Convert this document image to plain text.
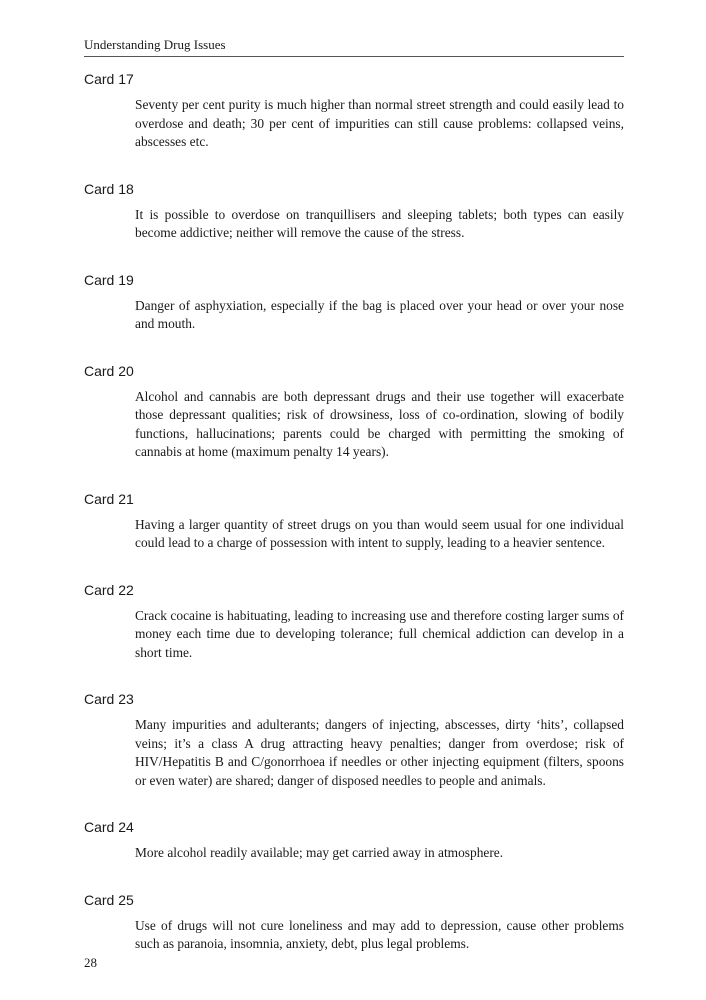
Understanding Drug Issues
Card 17

Seventy per cent purity is much higher than normal street strength and could easily lead to overdose and death; 30 per cent of impurities can still cause problems: collapsed veins, abscesses etc.

Card 18

It is possible to overdose on tranquillisers and sleeping tablets; both types can easily become addictive; neither will remove the cause of the stress.

Card 19

Danger of asphyxiation, especially if the bag is placed over your head or over your nose and mouth.

Card 20

Alcohol and cannabis are both depressant drugs and their use together will exacerbate those depressant qualities; risk of drowsiness, loss of co-ordination, slowing of bodily functions, hallucinations; parents could be charged with permitting the smoking of cannabis at home (maximum penalty 14 years).

Card 21

Having a larger quantity of street drugs on you than would seem usual for one individual could lead to a charge of possession with intent to supply, leading to a heavier sentence.

Card 22

Crack cocaine is habituating, leading to increasing use and therefore costing larger sums of money each time due to developing tolerance; full chemical addiction can develop in a short time.

Card 23

Many impurities and adulterants; dangers of injecting, abscesses, dirty ‘hits’, collapsed veins; it’s a class A drug attracting heavy penalties; danger from overdose; risk of HIV/Hepatitis B and C/gonorrhoea if needles or other injecting equipment (filters, spoons or even water) are shared; danger of disposed needles to people and animals.

Card 24

More alcohol readily available; may get carried away in atmosphere.

Card 25

Use of drugs will not cure loneliness and may add to depression, cause other problems such as paranoia, insomnia, anxiety, debt, plus legal problems.

28
